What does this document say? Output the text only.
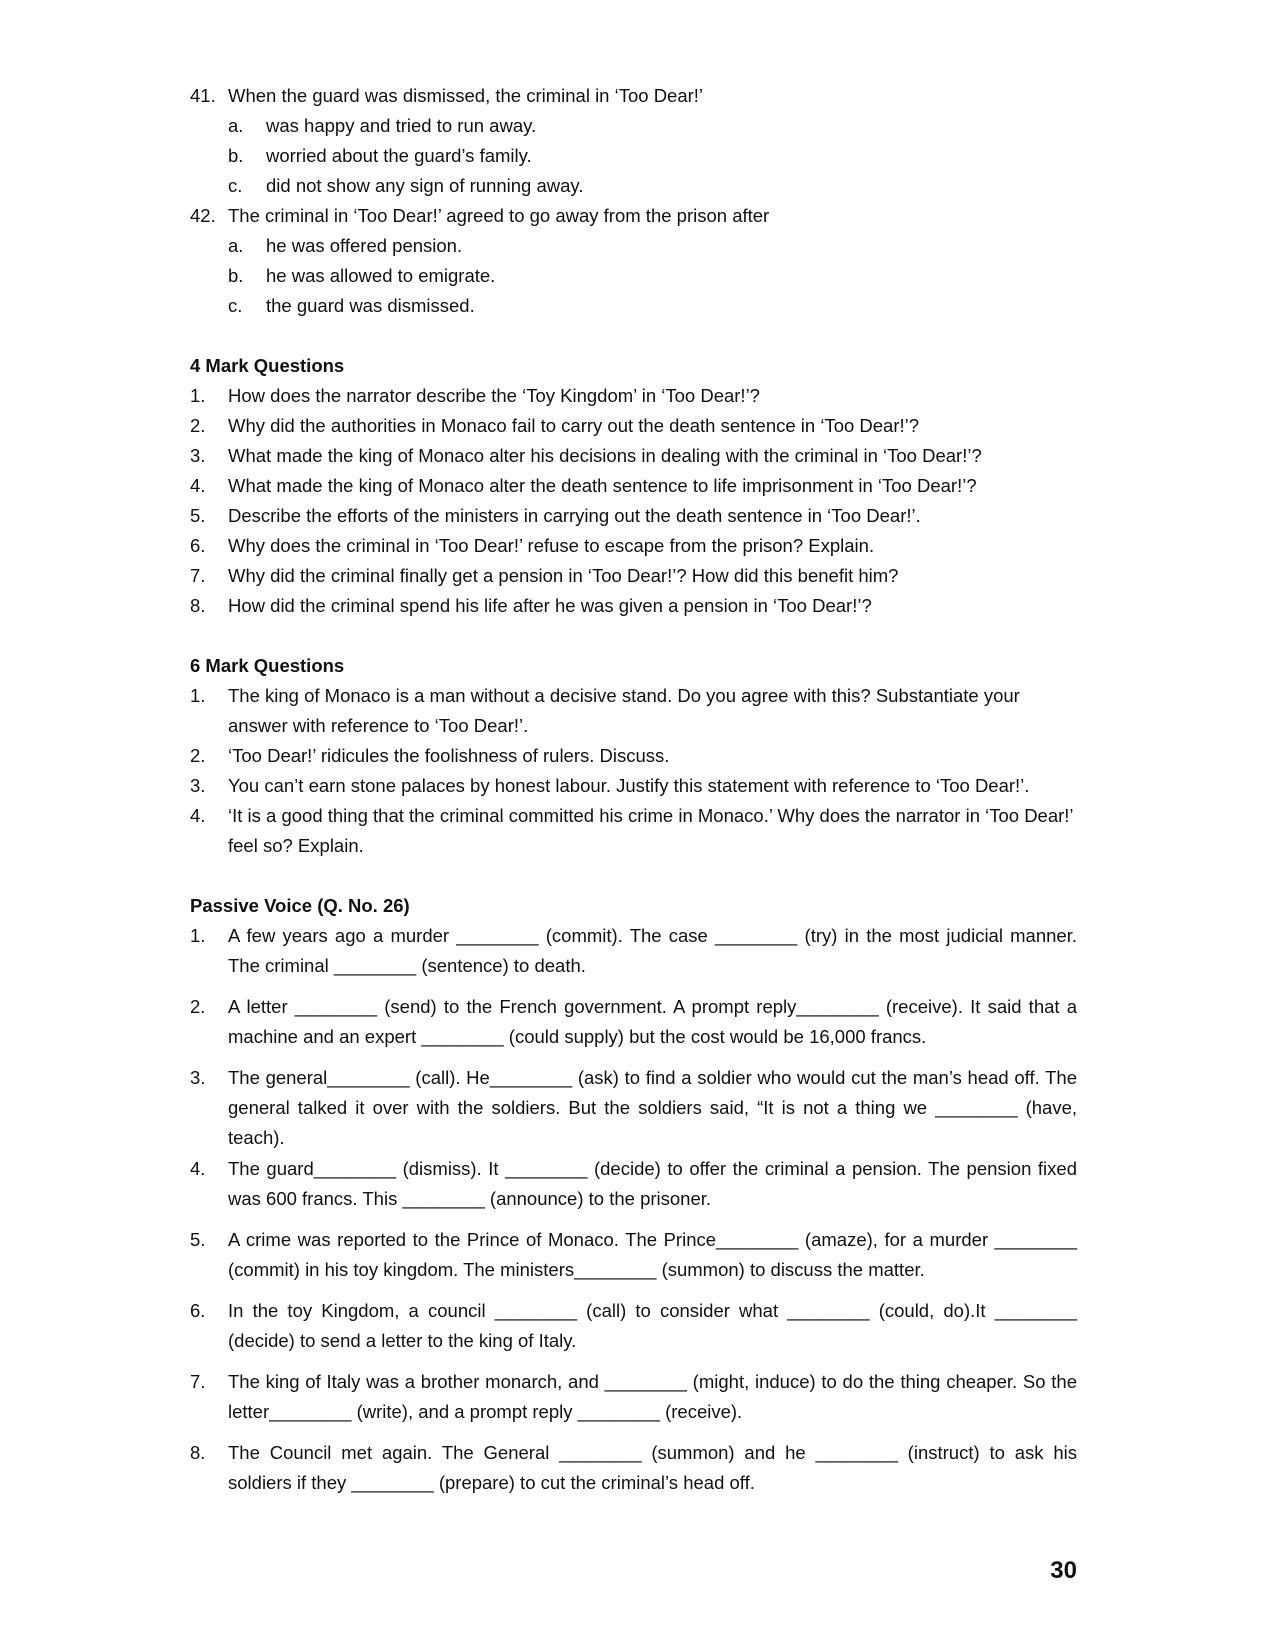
41. When the guard was dismissed, the criminal in ‘Too Dear!’
a.	was happy and tried to run away.
b.	worried about the guard’s family.
c.	did not show any sign of running away.
42. The criminal in ‘Too Dear!’ agreed to go away from the prison after
a.	he was offered pension.
b.	he was allowed to emigrate.
c.	the guard was dismissed.
4 Mark Questions
1.	How does the narrator describe the ‘Toy Kingdom’ in ‘Too Dear!’?
2.	Why did the authorities in Monaco fail to carry out the death sentence in ‘Too Dear!’?
3.	What made the king of Monaco alter his decisions in dealing with the criminal in ‘Too Dear!’?
4.	What made the king of Monaco alter the death sentence to life imprisonment in ‘Too Dear!’?
5.	Describe the efforts of the ministers in carrying out the death sentence in ‘Too Dear!’.
6.	Why does the criminal in ‘Too Dear!’ refuse to escape from the prison? Explain.
7.	Why did the criminal finally get a pension in ‘Too Dear!’? How did this benefit him?
8.	How did the criminal spend his life after he was given a pension in ‘Too Dear!’?
6 Mark Questions
1.	The king of Monaco is a man without a decisive stand. Do you agree with this? Substantiate your answer with reference to ‘Too Dear!’.
2.	‘Too Dear!’ ridicules the foolishness of rulers. Discuss.
3.	You can’t earn stone palaces by honest labour. Justify this statement with reference to ‘Too Dear!’.
4.	‘It is a good thing that the criminal committed his crime in Monaco.’ Why does the narrator in ‘Too Dear!’ feel so? Explain.
Passive Voice (Q. No. 26)
1.	A few years ago a murder ________ (commit). The case ________ (try) in the most judicial manner. The criminal ________ (sentence) to death.
2.	A letter ________ (send) to the French government. A prompt reply________ (receive). It said that a machine and an expert ________ (could supply) but the cost would be 16,000 francs.
3.	The general________ (call). He________ (ask) to find a soldier who would cut the man’s head off. The general talked it over with the soldiers. But the soldiers said, “It is not a thing we ________ (have, teach).
4.	The guard________ (dismiss). It ________ (decide) to offer the criminal a pension. The pension fixed was 600 francs. This ________ (announce) to the prisoner.
5.	A crime was reported to the Prince of Monaco. The Prince________ (amaze), for a murder ________ (commit) in his toy kingdom. The ministers________ (summon) to discuss the matter.
6.	In the toy Kingdom, a council ________ (call) to consider what ________ (could, do).It ________ (decide) to send a letter to the king of Italy.
7.	The king of Italy was a brother monarch, and ________ (might, induce) to do the thing cheaper. So the letter________ (write), and a prompt reply ________ (receive).
8.	The Council met again. The General ________ (summon) and he ________ (instruct) to ask his soldiers if they ________ (prepare) to cut the criminal’s head off.
30
